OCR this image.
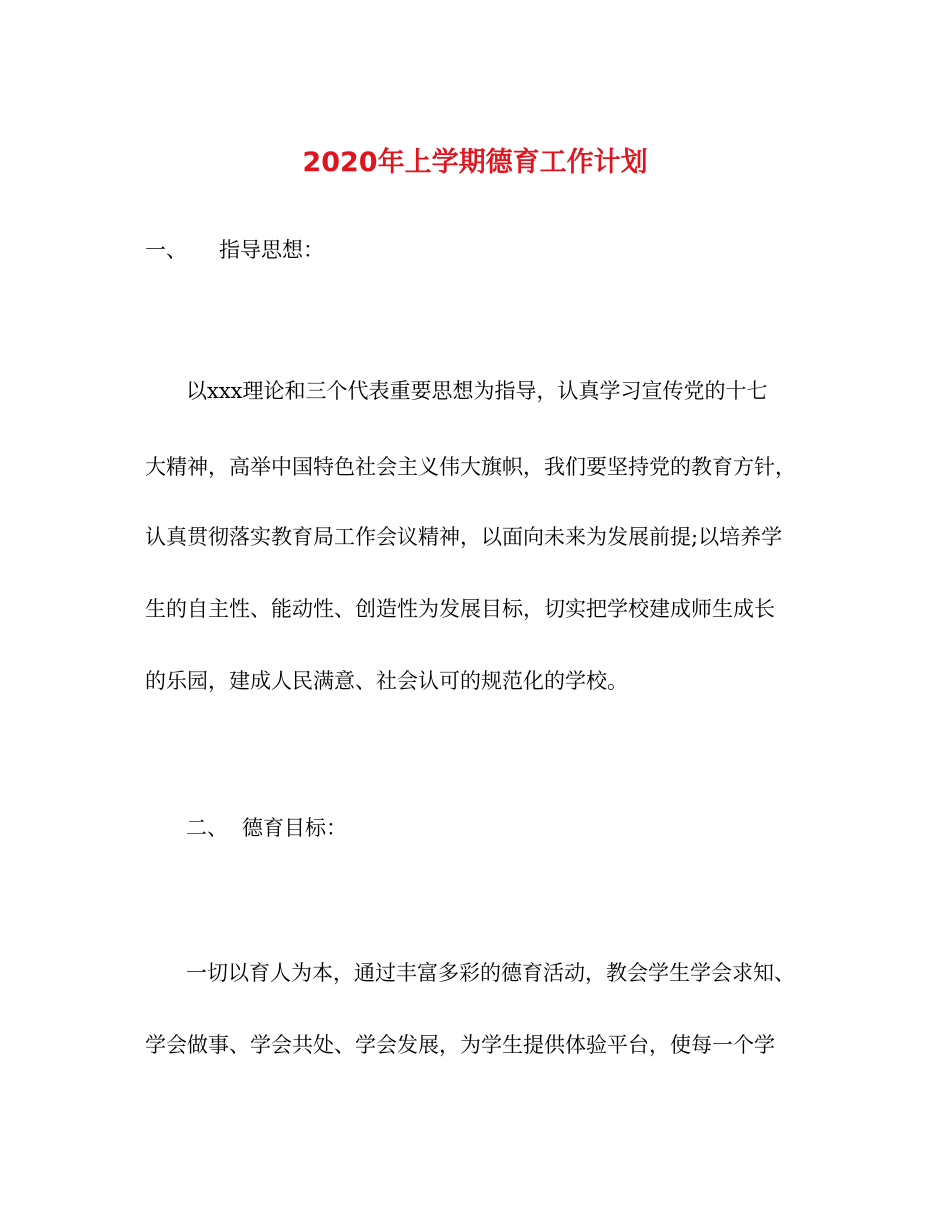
2020年上学期德育工作计划
一、 指导思想：
以xxx理论和三个代表重要思想为指导，认真学习宣传党的十七
大精神，高举中国特色社会主义伟大旗帜，我们要坚持党的教育方针，
认真贯彻落实教育局工作会议精神，以面向未来为发展前提;以培养学
生的自主性、能动性、创造性为发展目标，切实把学校建成师生成长
的乐园，建成人民满意、社会认可的规范化的学校。
二、 德育目标：
一切以育人为本，通过丰富多彩的德育活动，教会学生学会求知、
学会做事、学会共处、学会发展，为学生提供体验平台，使每一个学
